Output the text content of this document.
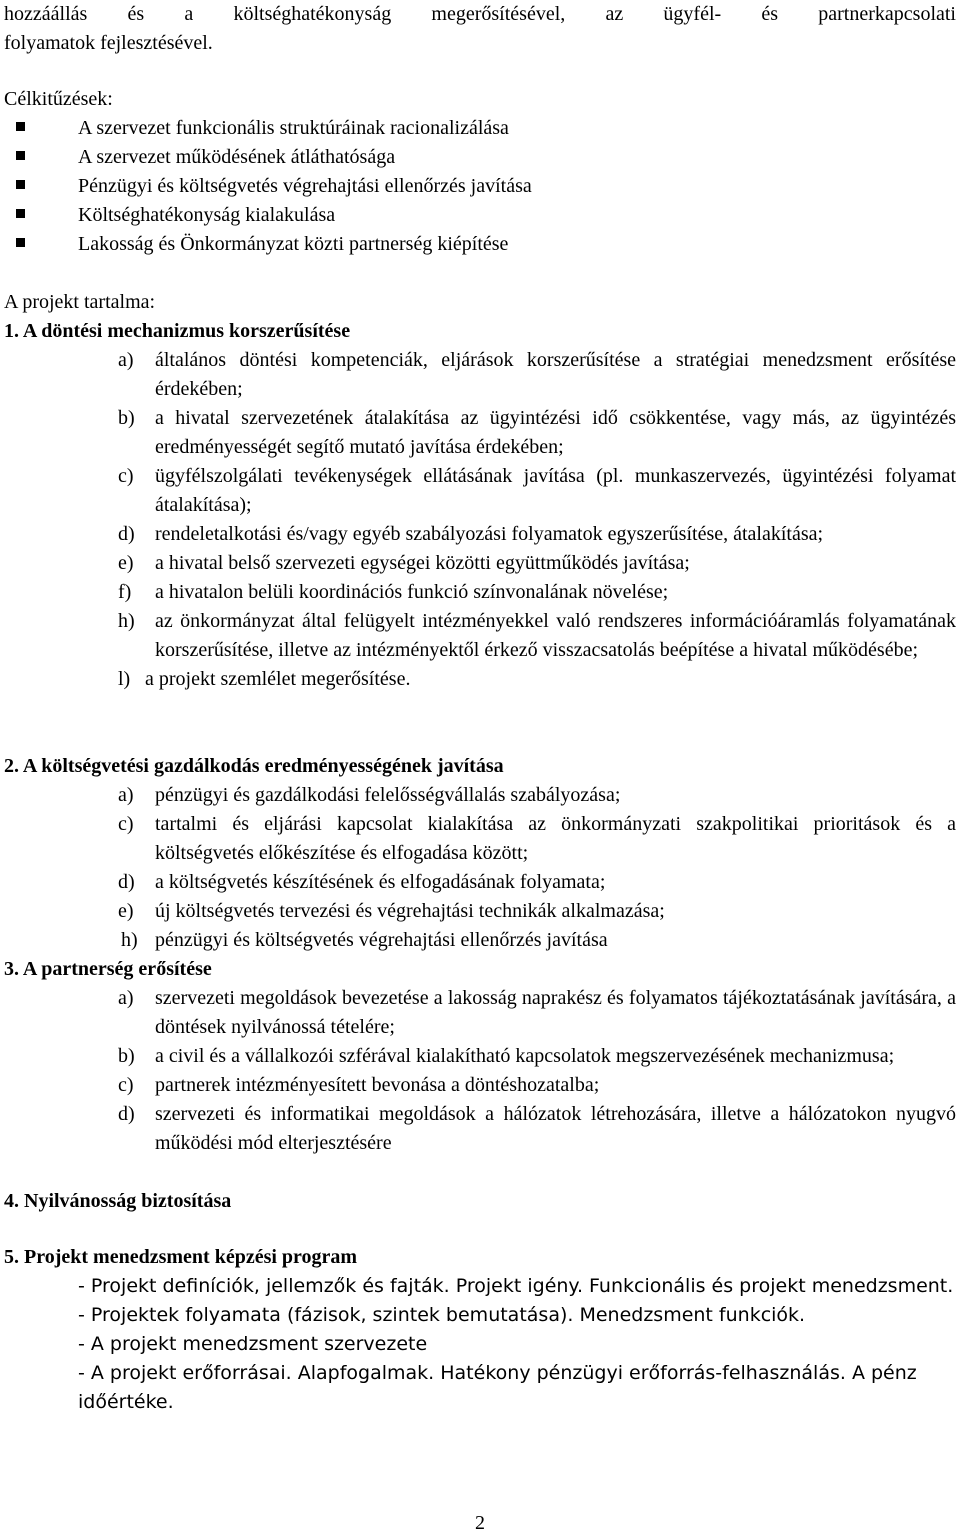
hozzáállás és a költséghatékonyság megerősítésével, az ügyfél- és partnerkapcsolati
folyamatok fejlesztésével.
Célkitűzések:
A szervezet funkcionális struktúráinak racionalizálása
A szervezet működésének átláthatósága
Pénzügyi és költségvetés végrehajtási ellenőrzés javítása
Költséghatékonyság kialakulása
Lakosság és Önkormányzat közti partnerség kiépítése
A projekt tartalma:
1. A döntési mechanizmus korszerűsítése
a) általános döntési kompetenciák, eljárások korszerűsítése a stratégiai menedzsment erősítése érdekében;
b) a hivatal szervezetének átalakítása az ügyintézési idő csökkentése, vagy más, az ügyintézés eredményességét segítő mutató javítása érdekében;
c) ügyfélszolgálati tevékenységek ellátásának javítása (pl. munkaszervezés, ügyintézési folyamat átalakítása);
d) rendeletalkotási és/vagy egyéb szabályozási folyamatok egyszerűsítése, átalakítása;
e) a hivatal belső szervezeti egységei közötti együttműködés javítása;
f) a hivatalon belüli koordinációs funkció színvonalának növelése;
h) az önkormányzat által felügyelt intézményekkel való rendszeres információáramlás folyamatának korszerűsítése, illetve az intézményektől érkező visszacsatolás beépítése a hivatal működésébe;
l) a projekt szemlélet megerősítése.
2. A költségvetési gazdálkodás eredményességének javítása
a) pénzügyi és gazdálkodási felelősségvállalás szabályozása;
c) tartalmi és eljárási kapcsolat kialakítása az önkormányzati szakpolitikai prioritások és a költségvetés előkészítése és elfogadása között;
d) a költségvetés készítésének és elfogadásának folyamata;
e) új költségvetés tervezési és végrehajtási technikák alkalmazása;
h) pénzügyi és költségvetés végrehajtási ellenőrzés javítása
3. A partnerség erősítése
a) szervezeti megoldások bevezetése a lakosság naprakész és folyamatos tájékoztatásának javítására, a döntések nyilvánossá tételére;
b) a civil és a vállalkozói szférával kialakítható kapcsolatok megszervezésének mechanizmusa;
c) partnerek intézményesített bevonása a döntéshozatalba;
d) szervezeti és informatikai megoldások a hálózatok létrehozására, illetve a hálózatokon nyugvó működési mód elterjesztésére
4. Nyilvánosság biztosítása
5. Projekt menedzsment képzési program
- Projekt definíciók, jellemzők és fajták. Projekt igény. Funkcionális és projekt menedzsment.
- Projektek folyamata (fázisok, szintek bemutatása). Menedzsment funkciók.
- A projekt menedzsment szervezete
- A projekt erőforrásai. Alapfogalmak. Hatékony pénzügyi erőforrás-felhasználás. A pénz időértéke.
2
